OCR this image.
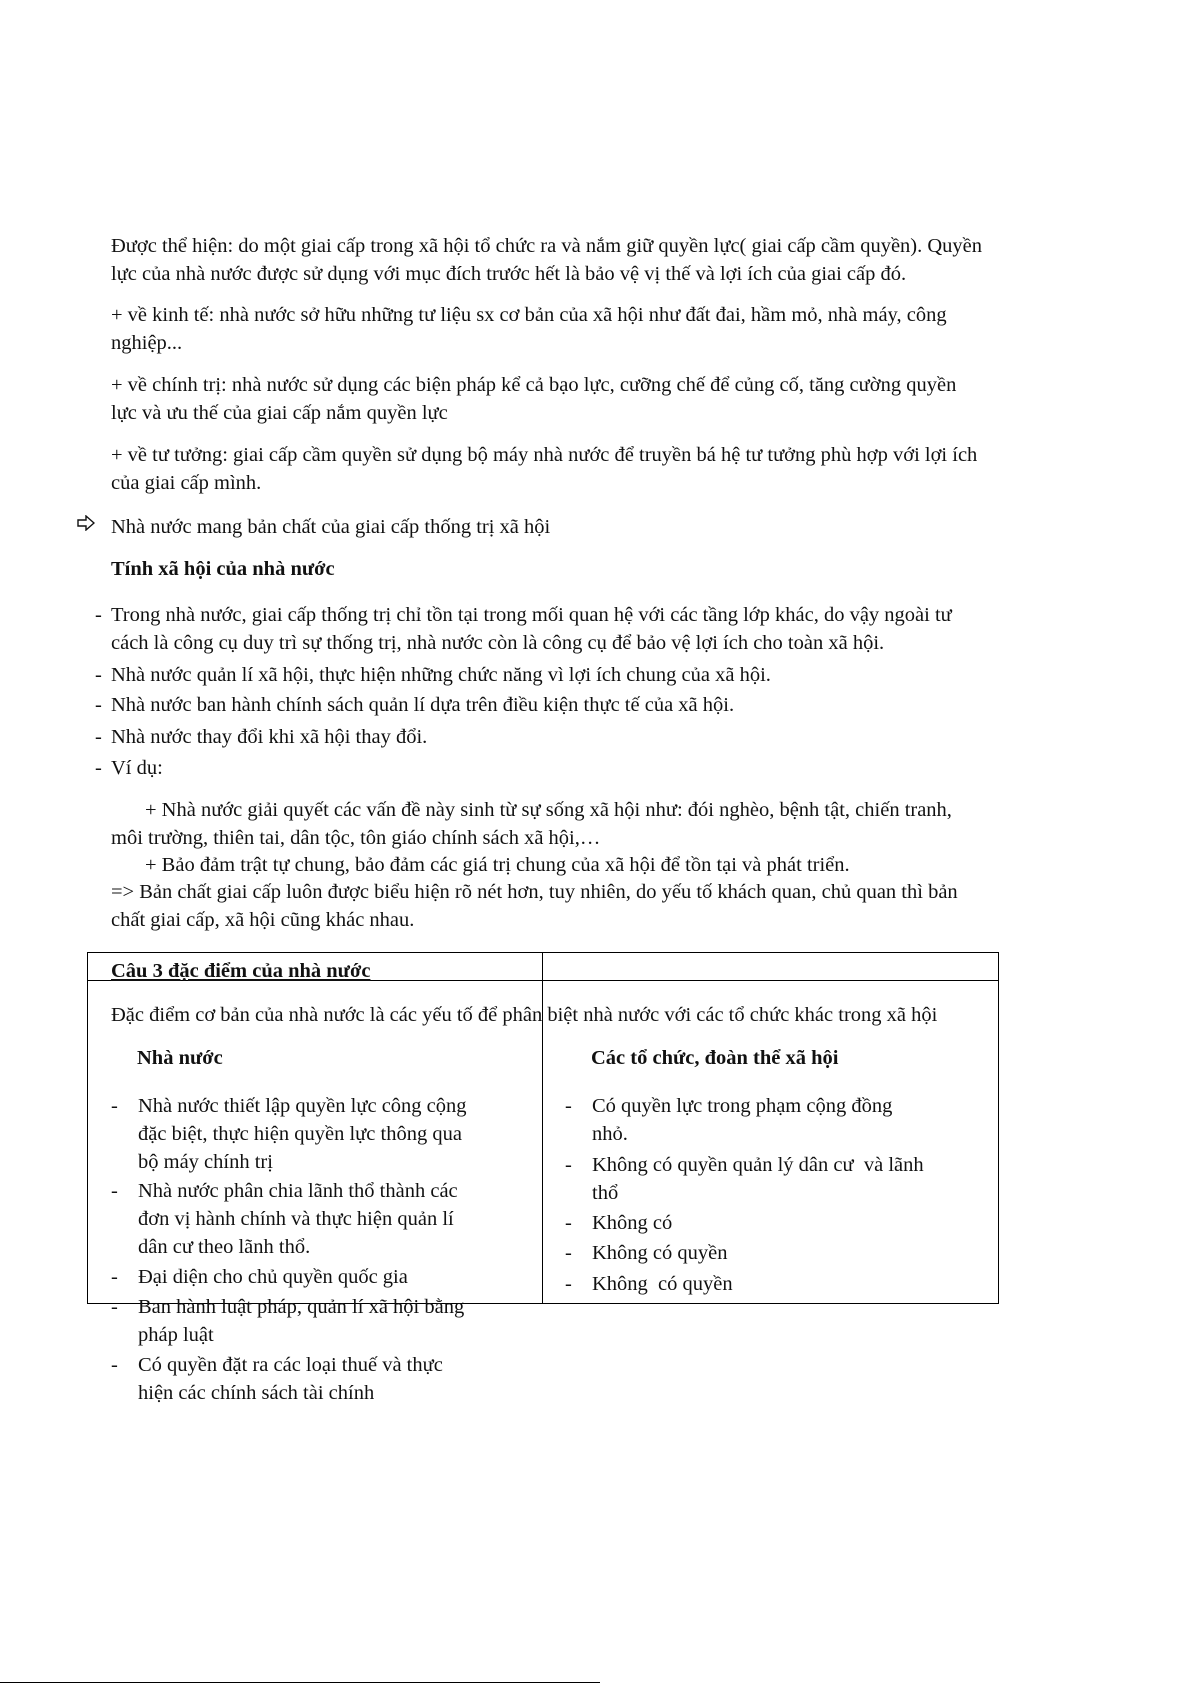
Được thể hiện: do một giai cấp trong xã hội tổ chức ra và nắm giữ quyền lực( giai cấp cầm quyền). Quyền
lực của nhà nước được sử dụng với mục đích trước hết là bảo vệ vị thế và lợi ích của giai cấp đó.
+ về kinh tế: nhà nước sở hữu những tư liệu sx cơ bản của xã hội như đất đai, hầm mỏ, nhà máy, công
nghiệp...
+ về chính trị: nhà nước sử dụng các biện pháp kể cả bạo lực, cưỡng chế để củng cố, tăng cường quyền
lực và ưu thế của giai cấp nắm quyền lực
+ về tư tưởng: giai cấp cầm quyền sử dụng bộ máy nhà nước để truyền bá hệ tư tưởng phù hợp với lợi ích
của giai cấp mình.
Nhà nước mang bản chất của giai cấp thống trị xã hội
Tính xã hội của nhà nước
- Trong nhà nước, giai cấp thống trị chỉ tồn tại trong mối quan hệ với các tầng lớp khác, do vậy ngoài tư
cách là công cụ duy trì sự thống trị, nhà nước còn là công cụ để bảo vệ lợi ích cho toàn xã hội.
- Nhà nước quản lí xã hội, thực hiện những chức năng vì lợi ích chung của xã hội.
- Nhà nước ban hành chính sách quản lí dựa trên điều kiện thực tế của xã hội.
- Nhà nước thay đổi khi xã hội thay đổi.
- Ví dụ:
+ Nhà nước giải quyết các vấn đề này sinh từ sự sống xã hội như: đói nghèo, bệnh tật, chiến tranh,
môi trường, thiên tai, dân tộc, tôn giáo chính sách xã hội,…
+ Bảo đảm trật tự chung, bảo đảm các giá trị chung của xã hội để tồn tại và phát triển.
=> Bản chất giai cấp luôn được biểu hiện rõ nét hơn, tuy nhiên, do yếu tố khách quan, chủ quan thì bản
chất giai cấp, xã hội cũng khác nhau.
Câu 3 đặc điểm của nhà nước
Đặc điểm cơ bản của nhà nước là các yếu tố để phân biệt nhà nước với các tổ chức khác trong xã hội
Nhà nước	Các tổ chức, đoàn thể xã hội
- Nhà nước thiết lập quyền lực công cộng
đặc biệt, thực hiện quyền lực thông qua
bộ máy chính trị
- Nhà nước phân chia lãnh thổ thành các
đơn vị hành chính và thực hiện quản lí
dân cư theo lãnh thổ.
- Đại diện cho chủ quyền quốc gia
- Ban hành luật pháp, quản lí xã hội bằng
pháp luật
- Có quyền đặt ra các loại thuế và thực
hiện các chính sách tài chính
- Có quyền lực trong phạm cộng đồng
nhỏ.
- Không có quyền quản lý dân cư  và lãnh
thổ
- Không có
- Không có quyền
- Không  có quyền
